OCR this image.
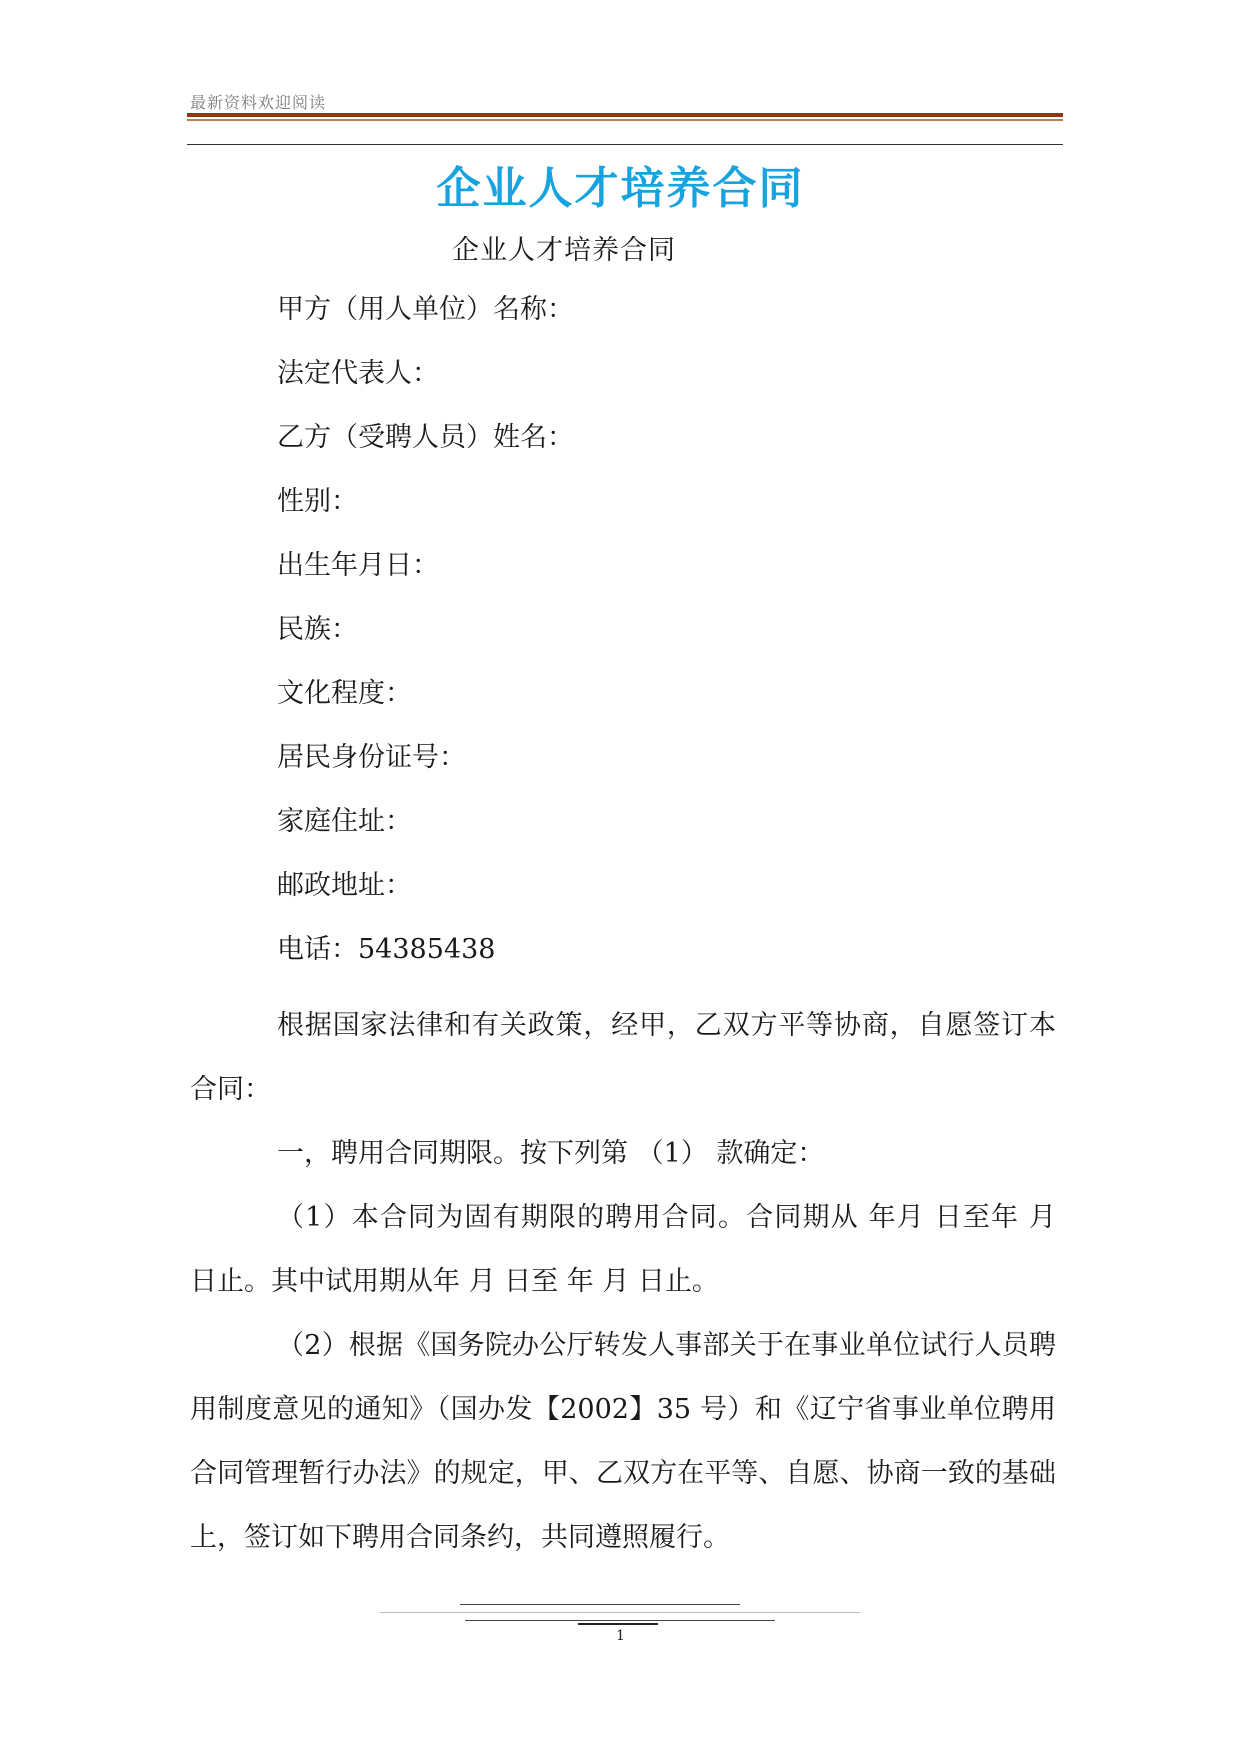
最新资料欢迎阅读
企业人才培养合同
企业人才培养合同
甲方（用人单位）名称：
法定代表人：
乙方（受聘人员）姓名：
性别：
出生年月日：
民族：
文化程度：
居民身份证号：
家庭住址：
邮政地址：
电话：54385438

根据国家法律和有关政策，经甲，乙双方平等协商，自愿签订本合同：

一，聘用合同期限。按下列第 （1） 款确定：

（1）本合同为固有期限的聘用合同。合同期从 年月 日至年 月 日止。其中试用期从年 月 日至 年 月 日止。

（2）根据《国务院办公厅转发人事部关于在事业单位试行人员聘用制度意见的通知》（国办发【2002】35 号）和《辽宁省事业单位聘用合同管理暂行办法》的规定，甲、乙双方在平等、自愿、协商一致的基础上，签订如下聘用合同条约，共同遵照履行。

1
